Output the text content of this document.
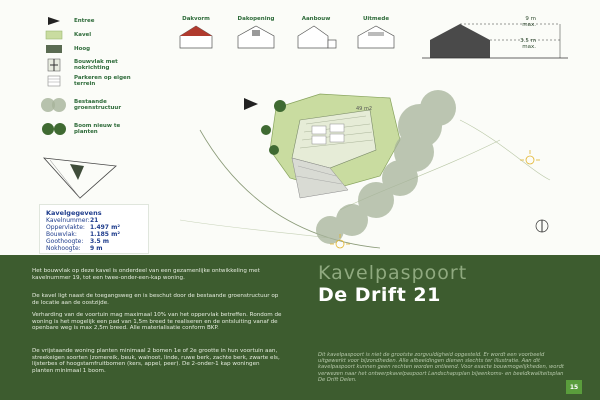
Entree
Kavel
Hoog
Bouwvlak met nokrichting
Parkeren op eigen terrein
Bestaande groenstructuur
Boom nieuw te planten
Dakvorm	Dakopening	Aanbouw	Uitmede	9 m
max.
3.5 m
max.
49 m2
Kavelgegevens
Kavelnummer: 21
Oppervlakte: 1.497 m²
Bouwvlak:	1.185 m²
Goothoogte:	3.5 m
Nokhoogte:	9 m
Het bouwvlak op deze kavel is onderdeel van een gezamenlijke ontwikkeling met kavelnummer 19, tot een twee-onder-een-kap woning.
De kavel ligt naast de toegangsweg en is beschut door de bestaande groenstructuur op de locatie aan de oostzijde.
Verharding van de voortuin mag maximaal 10% van het oppervlak betreffen. Rondom de woning is het mogelijk een pad van 1,5m breed te realiseren en de ontsluiting vanaf de openbare weg is max 2,5m breed. Alle materialisatie conform BKP.
De vrijstaande woning planten minimaal 2 bomen 1e of 2e grootte in hun voortuin aan, streekeigen soorten (zomereik, beuk, walnoot, linde, ruwe berk, zachte berk, zwarte els, lijsterbes of hoogstamfruitbomen (kers, appel, peer). De 2-onder-1 kap woningen planten minimaal 1 boom.
Kavelpaspoort
De Drift 21
Dit kavelpaspoort is niet de grootste zorgvuldigheid opgesteld. Er wordt een voorbeeld uitgewerkt voor bijzondheden. Alle afbeeldingen dienen slechts ter illustratie. Aan dit kavelpaspoort kunnen geen rechten worden ontleend. Voor exacte bouwmogelijkheden, wordt verwezen naar het ontwerpkavelpaspoort Landschapsplan bijeenkoms- en beeldkwaliteitsplan De Drift Delen.
15
